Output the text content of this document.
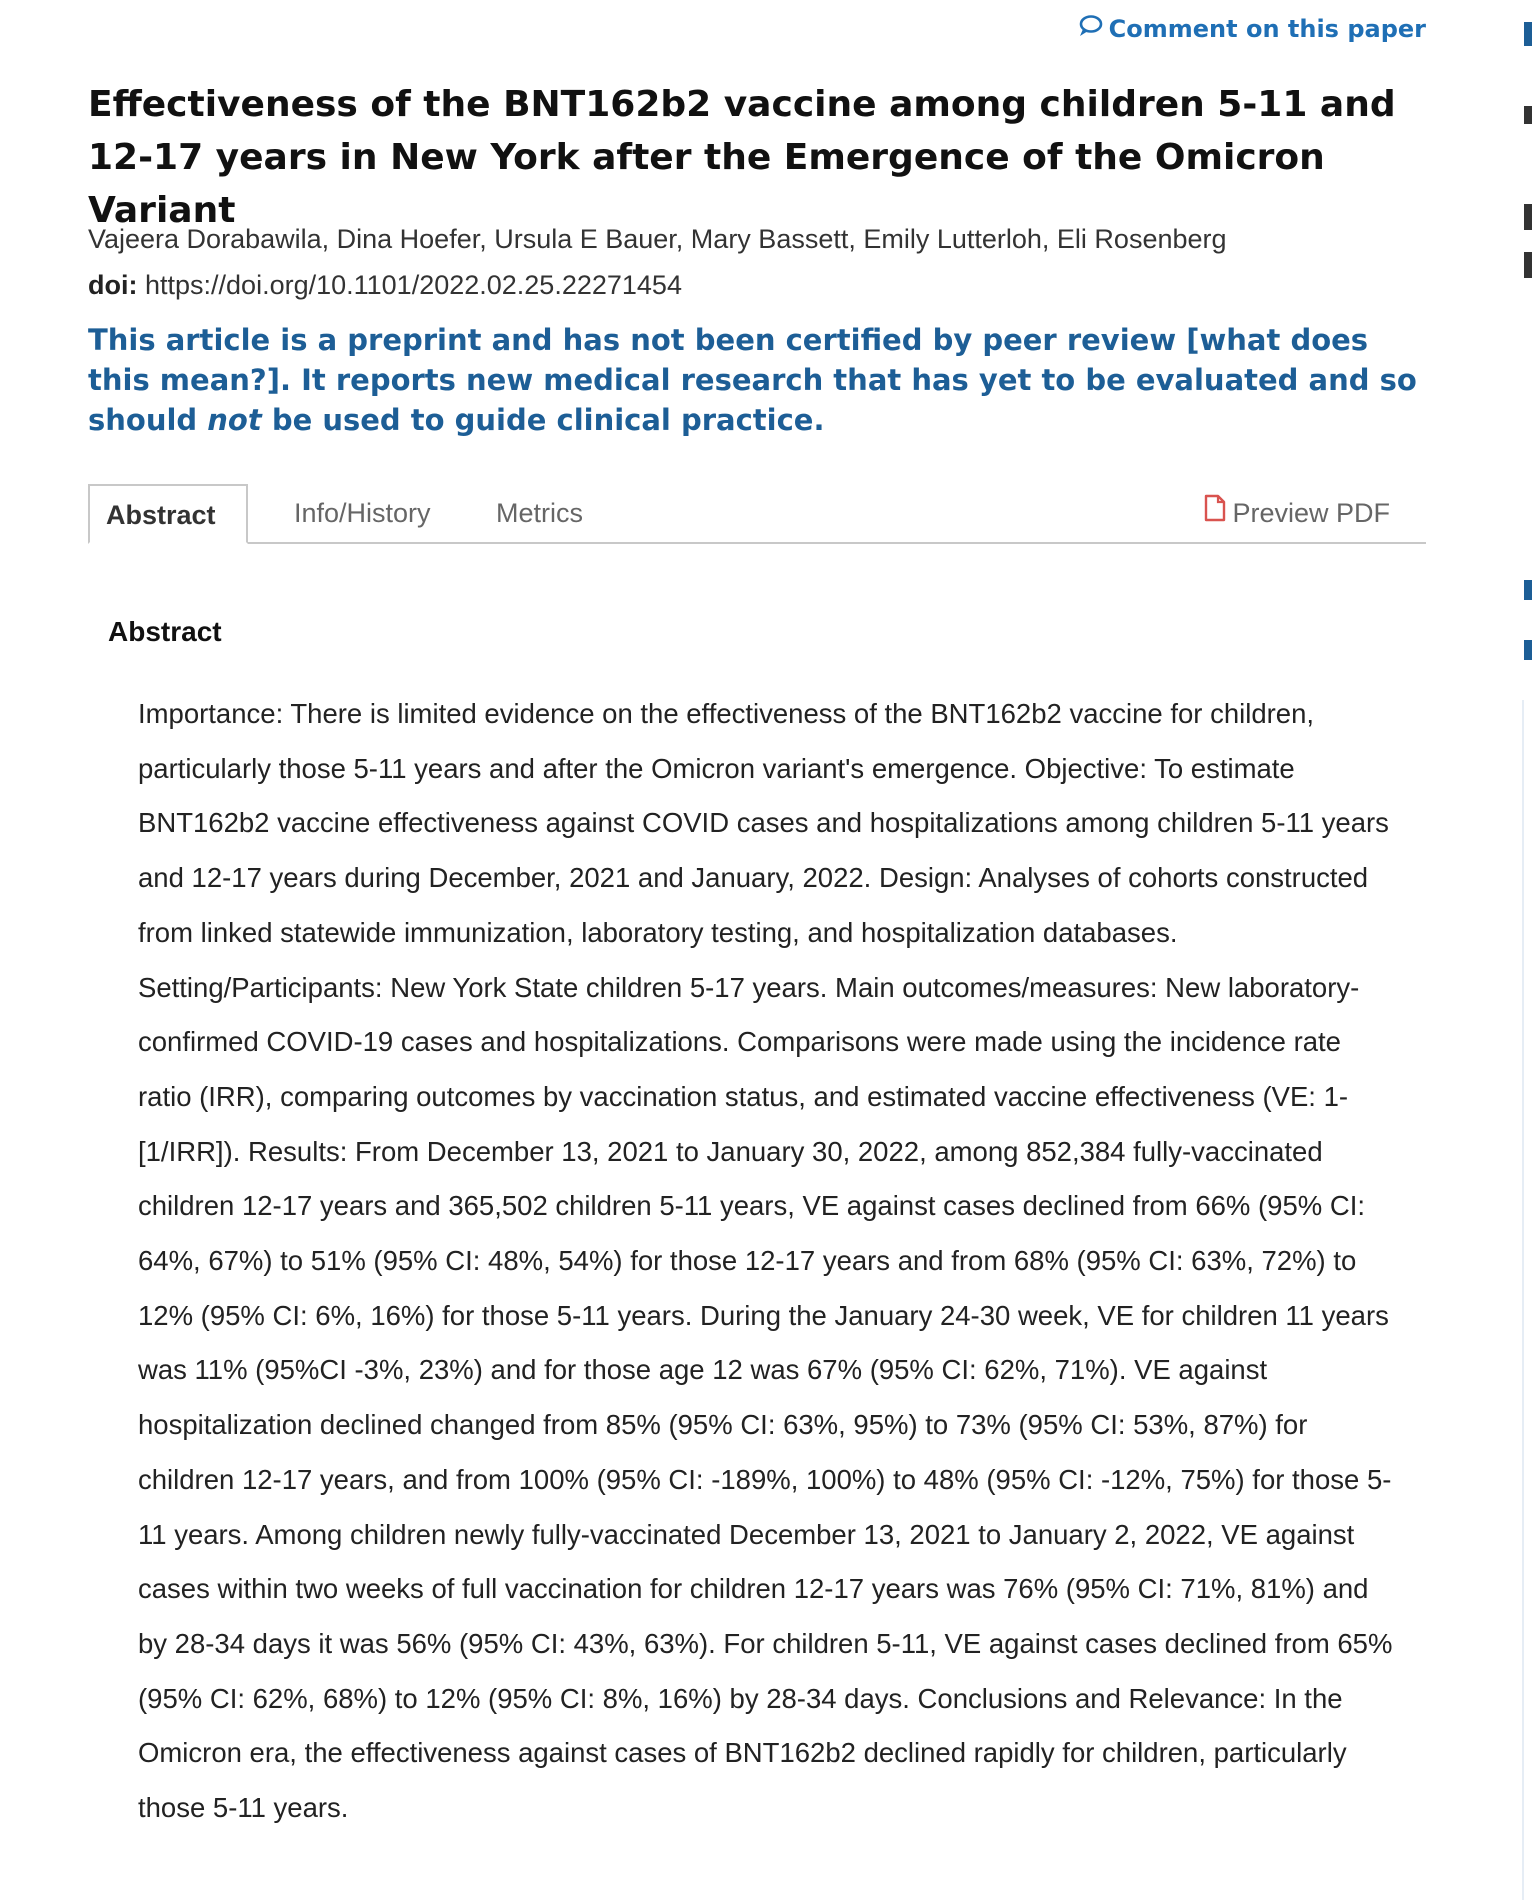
Comment on this paper
Effectiveness of the BNT162b2 vaccine among children 5-11 and 12-17 years in New York after the Emergence of the Omicron Variant
Vajeera Dorabawila, Dina Hoefer, Ursula E Bauer, Mary Bassett, Emily Lutterloh, Eli Rosenberg
doi: https://doi.org/10.1101/2022.02.25.22271454

This article is a preprint and has not been certified by peer review [what does this mean?]. It reports new medical research that has yet to be evaluated and so should not be used to guide clinical practice.

Abstract	Info/History Metrics	Preview PDF
Abstract

Importance: There is limited evidence on the effectiveness of the BNT162b2 vaccine for children, particularly those 5-11 years and after the Omicron variant's emergence. Objective: To estimate BNT162b2 vaccine effectiveness against COVID cases and hospitalizations among children 5-11 years and 12-17 years during December, 2021 and January, 2022. Design: Analyses of cohorts constructed from linked statewide immunization, laboratory testing, and hospitalization databases. Setting/Participants: New York State children 5-17 years. Main outcomes/measures: New laboratory-confirmed COVID-19 cases and hospitalizations. Comparisons were made using the incidence rate ratio (IRR), comparing outcomes by vaccination status, and estimated vaccine effectiveness (VE: 1-[1/IRR]). Results: From December 13, 2021 to January 30, 2022, among 852,384 fully-vaccinated children 12-17 years and 365,502 children 5-11 years, VE against cases declined from 66% (95% CI: 64%, 67%) to 51% (95% CI: 48%, 54%) for those 12-17 years and from 68% (95% CI: 63%, 72%) to 12% (95% CI: 6%, 16%) for those 5-11 years. During the January 24-30 week, VE for children 11 years was 11% (95%CI -3%, 23%) and for those age 12 was 67% (95% CI: 62%, 71%). VE against hospitalization declined changed from 85% (95% CI: 63%, 95%) to 73% (95% CI: 53%, 87%) for children 12-17 years, and from 100% (95% CI: -189%, 100%) to 48% (95% CI: -12%, 75%) for those 5-11 years. Among children newly fully-vaccinated December 13, 2021 to January 2, 2022, VE against cases within two weeks of full vaccination for children 12-17 years was 76% (95% CI: 71%, 81%) and by 28-34 days it was 56% (95% CI: 43%, 63%). For children 5-11, VE against cases declined from 65% (95% CI: 62%, 68%) to 12% (95% CI: 8%, 16%) by 28-34 days. Conclusions and Relevance: In the Omicron era, the effectiveness against cases of BNT162b2 declined rapidly for children, particularly those 5-11 years.
